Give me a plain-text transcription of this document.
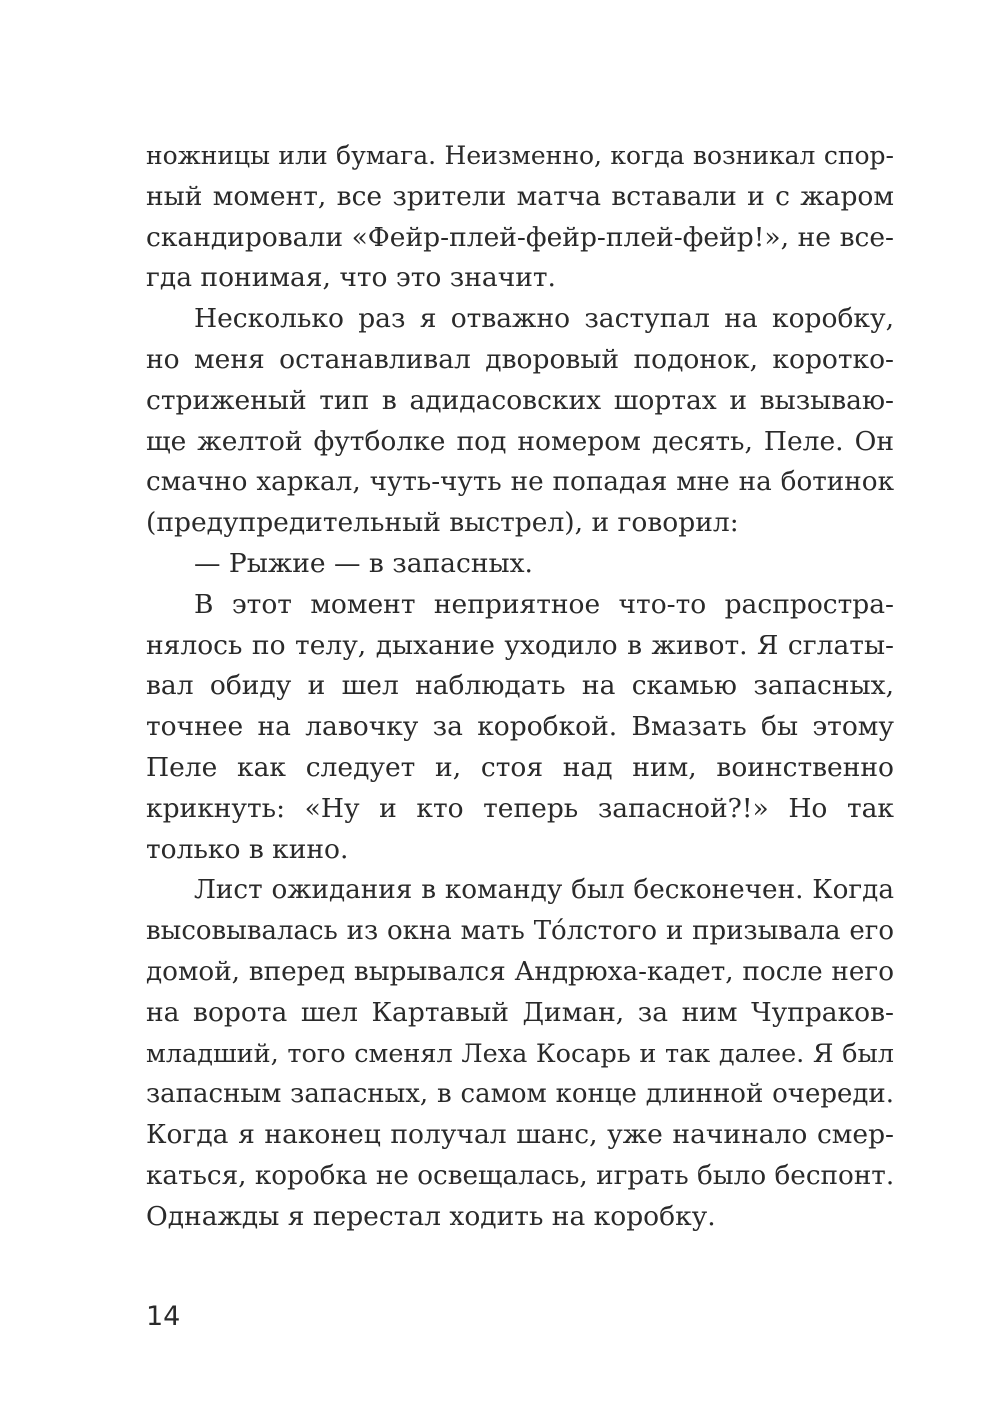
ножницы или бумага. Неизменно, когда возникал спор-
ный момент, все зрители матча вставали и с жаром
скандировали «Фейр-плей-фейр-плей-фейр!», не все-
гда понимая, что это значит.
Несколько раз я отважно заступал на коробку,
но меня останавливал дворовый подонок, коротко-
стриженый тип в адидасовских шортах и вызываю-
ще желтой футболке под номером десять, Пеле. Он
смачно харкал, чуть-чуть не попадая мне на ботинок
(предупредительный выстрел), и говорил:
— Рыжие — в запасных.
В этот момент неприятное что-то распростра-
нялось по телу, дыхание уходило в живот. Я сглаты-
вал обиду и шел наблюдать на скамью запасных,
точнее на лавочку за коробкой. Вмазать бы этому
Пеле как следует и, стоя над ним, воинственно
крикнуть: «Ну и кто теперь запасной?!» Но так
только в кино.
Лист ожидания в команду был бесконечен. Когда
высовывалась из окна мать То́лстого и призывала его
домой, вперед вырывался Андрюха-кадет, после него
на ворота шел Картавый Диман, за ним Чупраков-
младший, того сменял Леха Косарь и так далее. Я был
запасным запасных, в самом конце длинной очереди.
Когда я наконец получал шанс, уже начинало смер-
каться, коробка не освещалась, играть было беспонт.
Однажды я перестал ходить на коробку.
14
